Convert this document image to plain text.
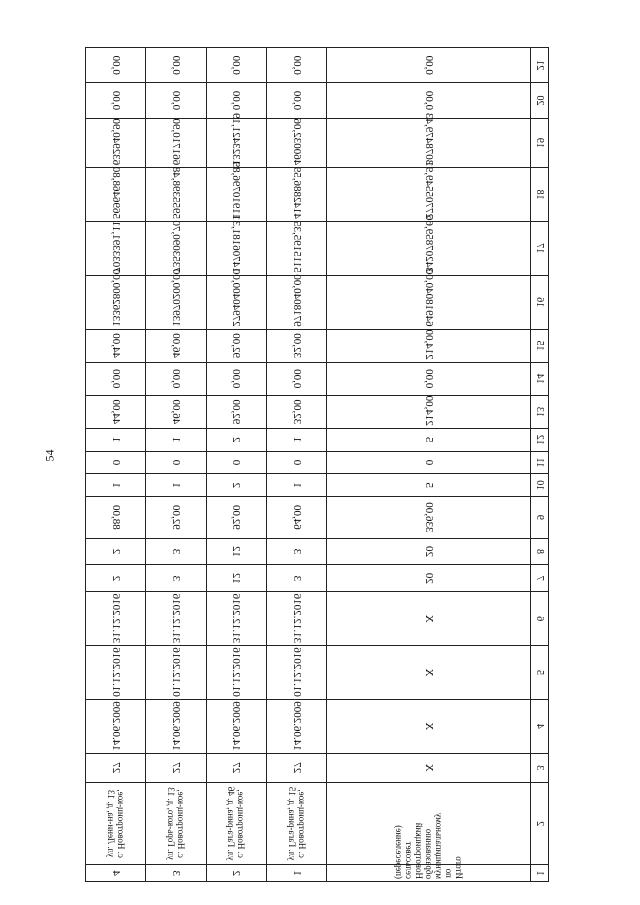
54
1	2	3	4	5	6	7	8	9	10	11	12	13	14	15	16	17	18	19	20	21
Итого по муниципальному образованию Новотроицкий сельсовет (переселение)		X	X	X	X	20	20	336,00	5	0	5	214,00	0,00	214,00	64918040,00	34207859,66	27705549,91	3078479,43	0,00	0,00
1	с. Новотроиц-кое, ул. Гага-рина, д. 15	27	14.06.2009	01.12.2016	31.12.2016	3	3	64,00	1	0	1	32,00	0,00	32,00	9718040,00	5115195,35	4142886,59	460032,06	0,00	0,00
2	с. Новотроиц-кое, ул. Гага-рина, д. 46	27	14.06.2009	01.12.2016	31.12.2016	12	12	92,00	2	0	2	92,00	0,00	92,00	27940400,00	14706181,31	11910796,89	1323421,19	0,00	0,00
3	с. Новотроиц-кое, ул. Горь-кого, д. 13	27	14.06.2009	01.12.2016	31.12.2016	3	3	92,00	1	0	1	46,00	0,00	46,00	13970200,00	7353090,70	5955398,48	661710,90	0,00	0,00
4	с. Новотроиц-кое, ул. Лени-на, д. 13	27	14.06.2009	01.12.2016	31.12.2016	2	2	88,00	1	0	1	44,00	0,00	44,00	13362800,00	7033391,11	5696468,80	632940,90	0,00	0,00
